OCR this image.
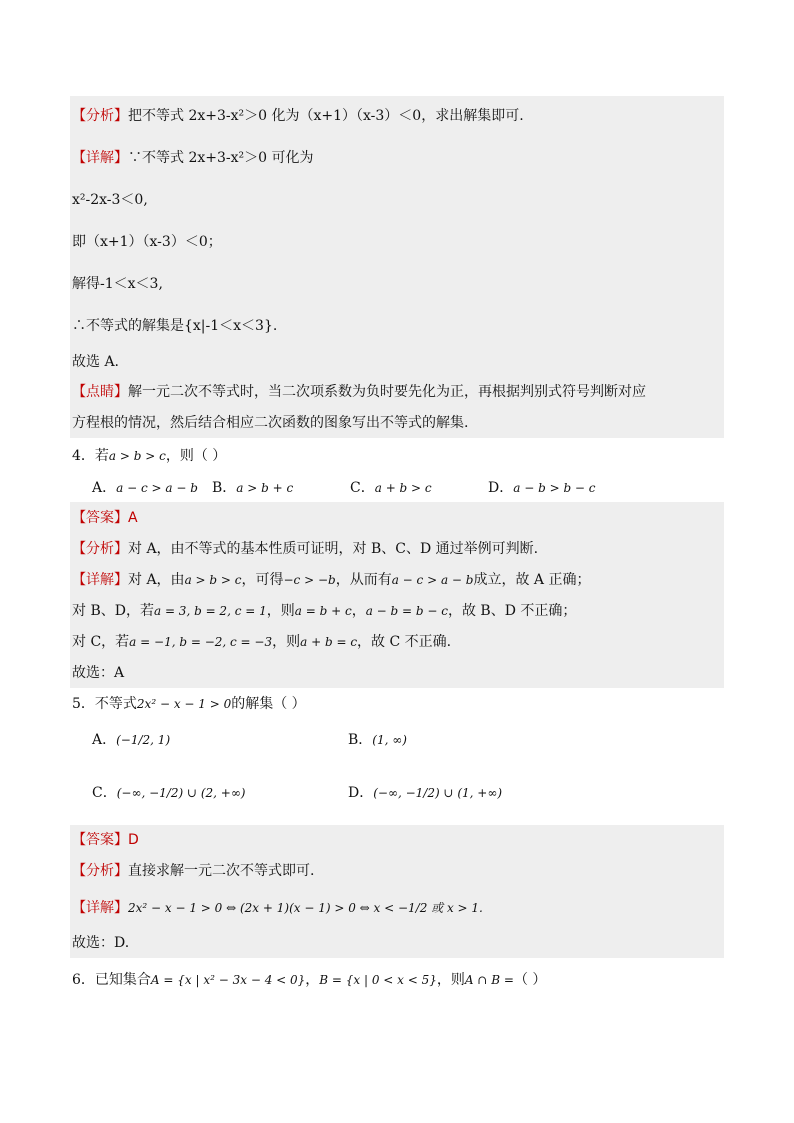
【分析】把不等式 2x+3-x²＞0 化为（x+1）（x-3）＜0，求出解集即可.
【详解】∵不等式 2x+3-x²＞0 可化为
x²-2x-3＜0,
即（x+1）（x-3）＜0；
解得-1＜x＜3,
∴不等式的解集是{x|-1＜x＜3}.
故选 A.
【点睛】解一元二次不等式时，当二次项系数为负时要先化为正，再根据判别式符号判断对应
方程根的情况，然后结合相应二次函数的图象写出不等式的解集.
4．若a > b > c，则（ ）
A．a − c > a − b B．a > b + c	C．a + b > c	D．a − b > b − c
【答案】A
【分析】对 A，由不等式的基本性质可证明，对 B、C、D 通过举例可判断.
【详解】对 A，由a > b > c，可得−c > −b，从而有a − c > a − b成立，故 A 正确；
对 B、D，若a = 3, b = 2, c = 1，则a = b + c，a − b = b − c，故 B、D 不正确；
对 C，若a = −1, b = −2, c = −3，则a + b = c，故 C 不正确.
故选：A
5．不等式2x² − x − 1 > 0的解集（ ）
A．(−1/2, 1)	B．(1, ∞)
C．(−∞, −1/2) ∪ (2, +∞)	D．(−∞, −1/2) ∪ (1, +∞)
【答案】D
【分析】直接求解一元二次不等式即可.
【详解】2x² − x − 1 > 0 ⇔ (2x + 1)(x − 1) > 0 ⇔ x < −1/2 或 x > 1.
故选：D.
6．已知集合A = {x | x² − 3x − 4 < 0}，B = {x | 0 < x < 5}，则A ∩ B =（ ）
